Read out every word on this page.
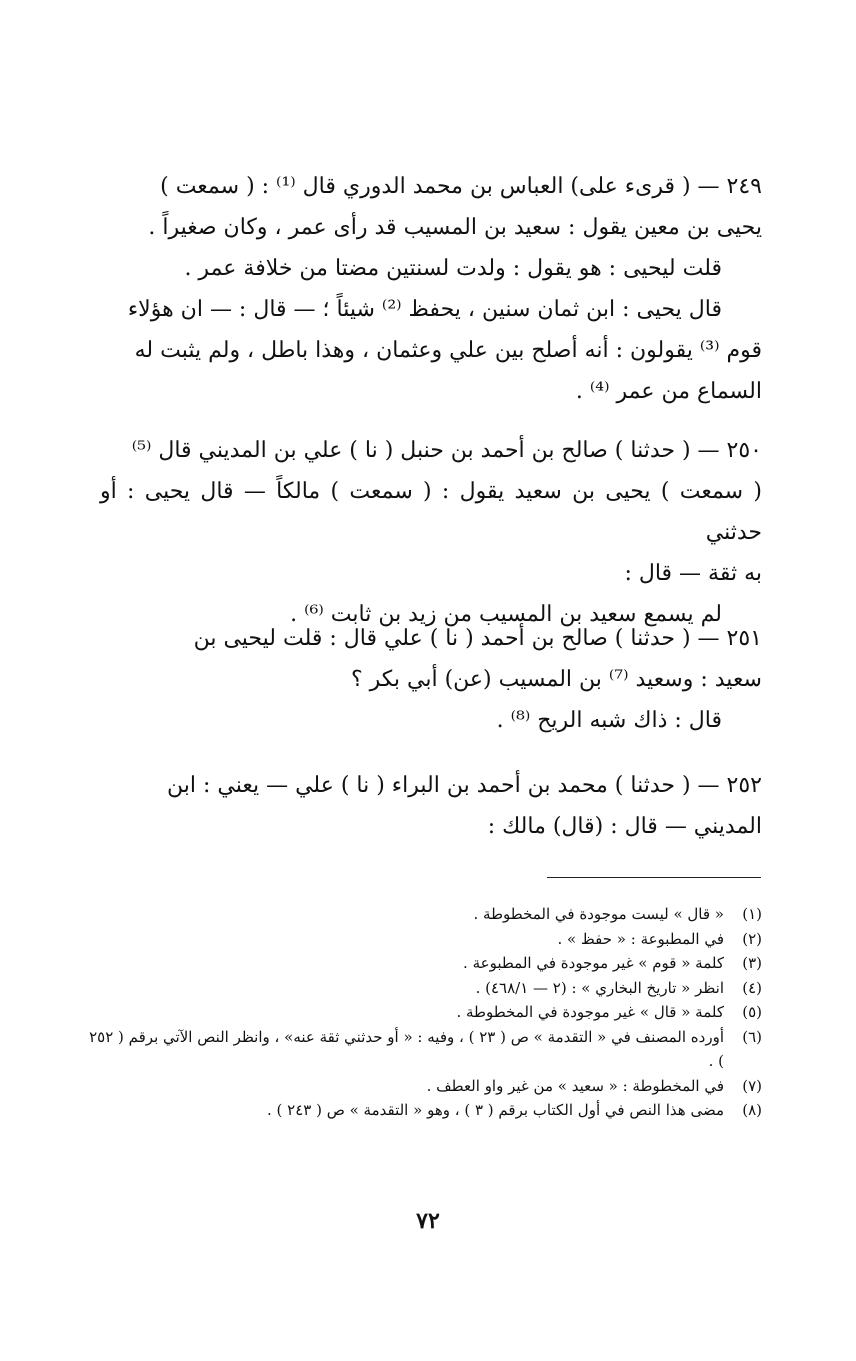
٢٤٩ — ( قرىء على) العباس بن محمد الدوري قال ⁽¹⁾ : ( سمعت )
يحيى بن معين يقول : سعيد بن المسيب قد رأى عمر ، وكان صغيراً .
قلت ليحيى : هو يقول : ولدت لسنتين مضتا من خلافة عمر .
قال يحيى : ابن ثمان سنين ، يحفظ ⁽²⁾ شيئاً ؛ — قال : — ان هؤلاء
قوم ⁽³⁾ يقولون : أنه أصلح بين علي وعثمان ، وهذا باطل ، ولم يثبت له
السماع من عمر ⁽⁴⁾ .

٢٥٠ — ( حدثنا ) صالح بن أحمد بن حنبل ( نا ) علي بن المديني قال ⁽⁵⁾
( سمعت ) يحيى بن سعيد يقول : ( سمعت ) مالكاً — قال يحيى : أو حدثني
به ثقة — قال :
لم يسمع سعيد بن المسيب من زيد بن ثابت ⁽⁶⁾ .

٢٥١ — ( حدثنا ) صالح بن أحمد ( نا ) علي قال : قلت ليحيى بن
سعيد : وسعيد ⁽⁷⁾ بن المسيب (عن) أبي بكر ؟
قال : ذاك شبه الريح ⁽⁸⁾ .

٢٥٢ — ( حدثنا ) محمد بن أحمد بن البراء ( نا ) علي — يعني : ابن
المديني — قال : (قال) مالك :

(١)
« قال » ليست موجودة في المخطوطة .
(٢)
في المطبوعة : « حفظ » .
(٣)
كلمة « قوم » غير موجودة في المطبوعة .
(٤)
انظر « تاريخ البخاري » : (٢ — ٤٦٨/١) .
(٥)
كلمة « قال » غير موجودة في المخطوطة .
(٦)
أورده المصنف في « التقدمة » ص ( ٢٣ ) ، وفيه : « أو حدثني ثقة عنه» ، وانظر النص الآتي برقم ( ٢٥٢ ) .
(٧)
في المخطوطة : « سعيد » من غير واو العطف .
(٨)
مضى هذا النص في أول الكتاب برقم ( ٣ ) ، وهو « التقدمة » ص ( ٢٤٣ ) .
٧٢
